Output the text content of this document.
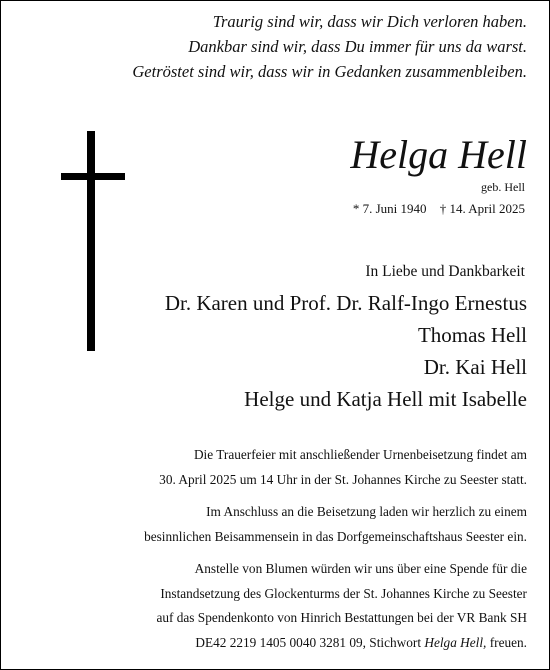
Traurig sind wir, dass wir Dich verloren haben.
Dankbar sind wir, dass Du immer für uns da warst.
Getröstet sind wir, dass wir in Gedanken zusammenbleiben.
Helga Hell
geb. Hell
* 7. Juni 1940 † 14. April 2025
In Liebe und Dankbarkeit
Dr. Karen und Prof. Dr. Ralf-Ingo Ernestus
Thomas Hell
Dr. Kai Hell
Helge und Katja Hell mit Isabelle
Die Trauerfeier mit anschließender Urnenbeisetzung findet am
30. April 2025 um 14 Uhr in der St. Johannes Kirche zu Seester statt.
Im Anschluss an die Beisetzung laden wir herzlich zu einem
besinnlichen Beisammensein in das Dorfgemeinschaftshaus Seester ein.
Anstelle von Blumen würden wir uns über eine Spende für die
Instandsetzung des Glockenturms der St. Johannes Kirche zu Seester
auf das Spendenkonto von Hinrich Bestattungen bei der VR Bank SH
DE42 2219 1405 0040 3281 09, Stichwort Helga Hell, freuen.
